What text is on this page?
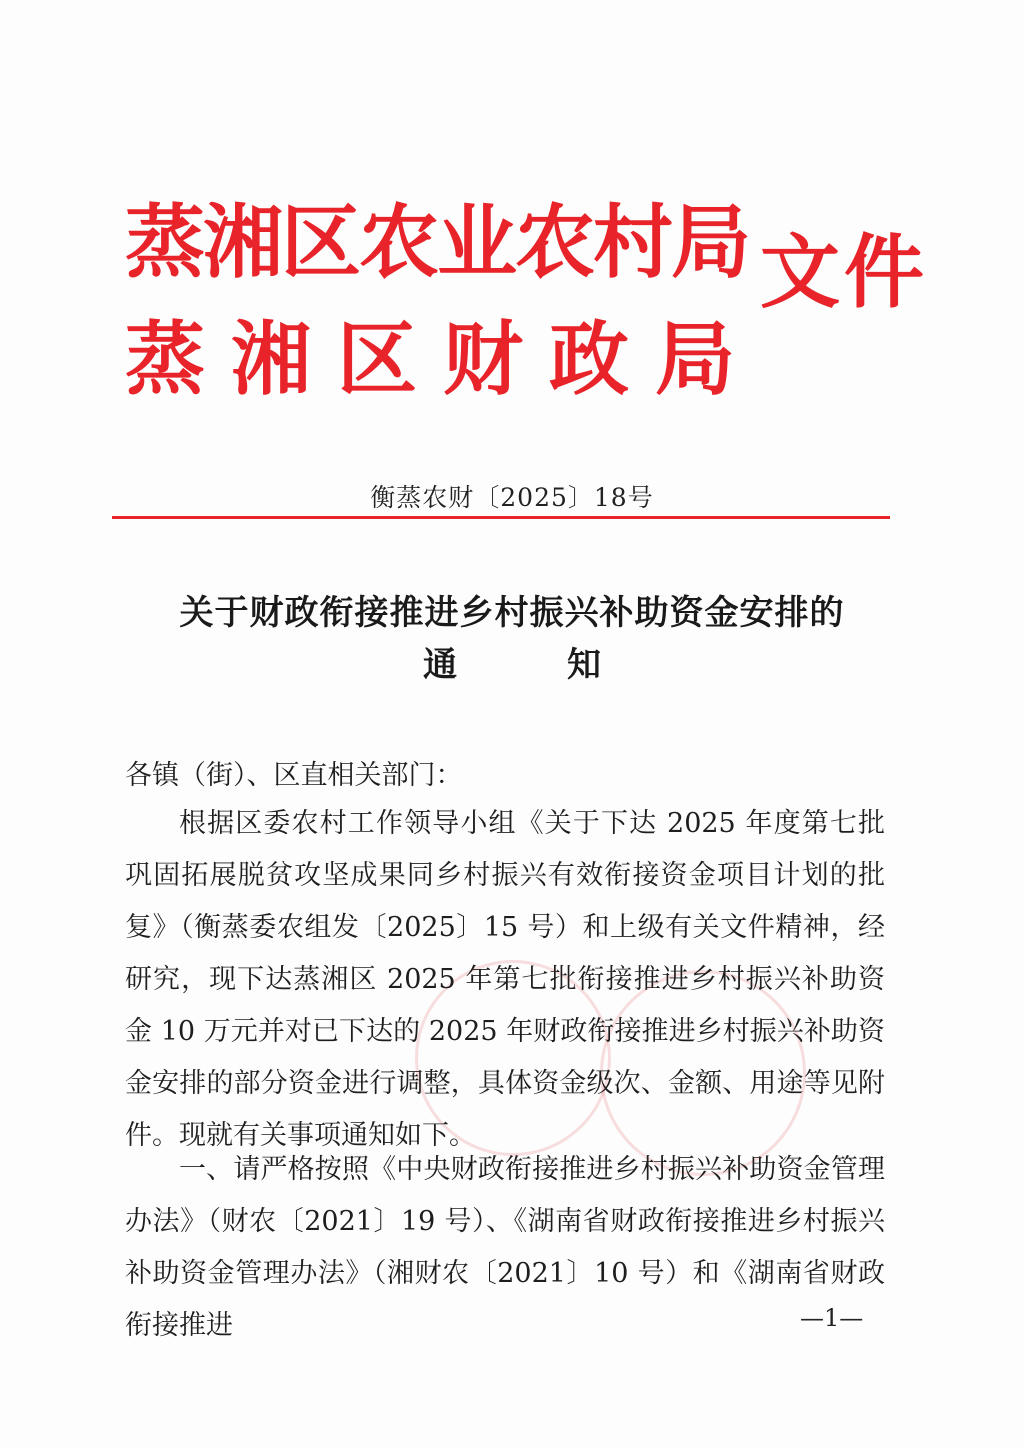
蒸湘区农业农村局
蒸湘区财政局
文件
衡蒸农财〔2025〕18号
关于财政衔接推进乡村振兴补助资金安排的
通知
各镇（街）、区直相关部门：

根据区委农村工作领导小组《关于下达 2025 年度第七批巩固拓展脱贫攻坚成果同乡村振兴有效衔接资金项目计划的批复》（衡蒸委农组发〔2025〕15 号）和上级有关文件精神，经研究，现下达蒸湘区 2025 年第七批衔接推进乡村振兴补助资金 10 万元并对已下达的 2025 年财政衔接推进乡村振兴补助资金安排的部分资金进行调整，具体资金级次、金额、用途等见附件。现就有关事项通知如下。

一、请严格按照《中央财政衔接推进乡村振兴补助资金管理办法》（财农〔2021〕19 号）、《湖南省财政衔接推进乡村振兴补助资金管理办法》（湘财农〔2021〕10 号）和《湖南省财政衔接推进	—1—
